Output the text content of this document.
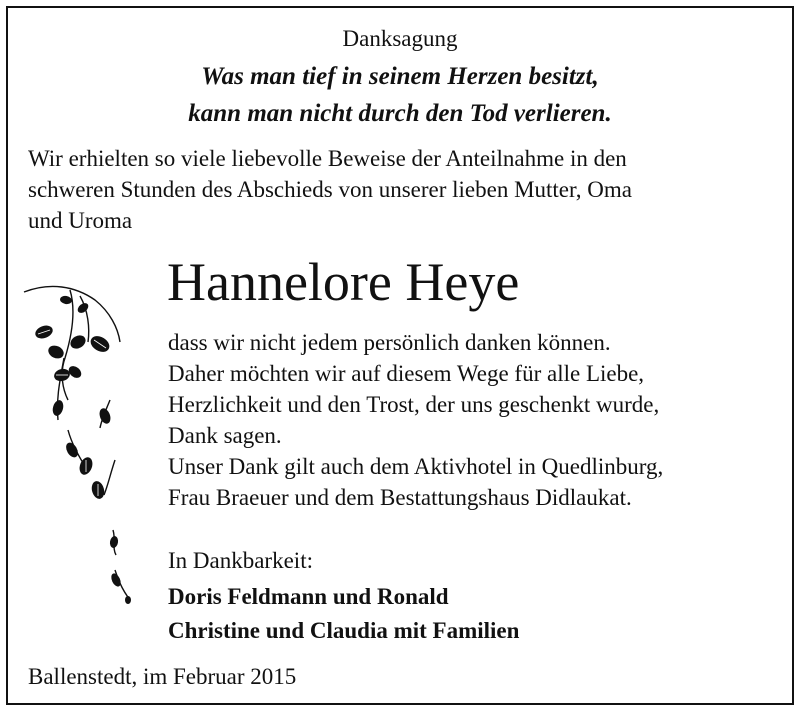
Danksagung
Was man tief in seinem Herzen besitzt,
kann man nicht durch den Tod verlieren.
Wir erhielten so viele liebevolle Beweise der Anteilnahme in den
schweren Stunden des Abschieds von unserer lieben Mutter, Oma
und Uroma
Hannelore Heye
dass wir nicht jedem persönlich danken können.
Daher möchten wir auf diesem Wege für alle Liebe,
Herzlichkeit und den Trost, der uns geschenkt wurde,
Dank sagen.
Unser Dank gilt auch dem Aktivhotel in Quedlinburg,
Frau Braeuer und dem Bestattungshaus Didlaukat.
In Dankbarkeit:
Doris Feldmann und Ronald
Christine und Claudia mit Familien
Ballenstedt, im Februar 2015
